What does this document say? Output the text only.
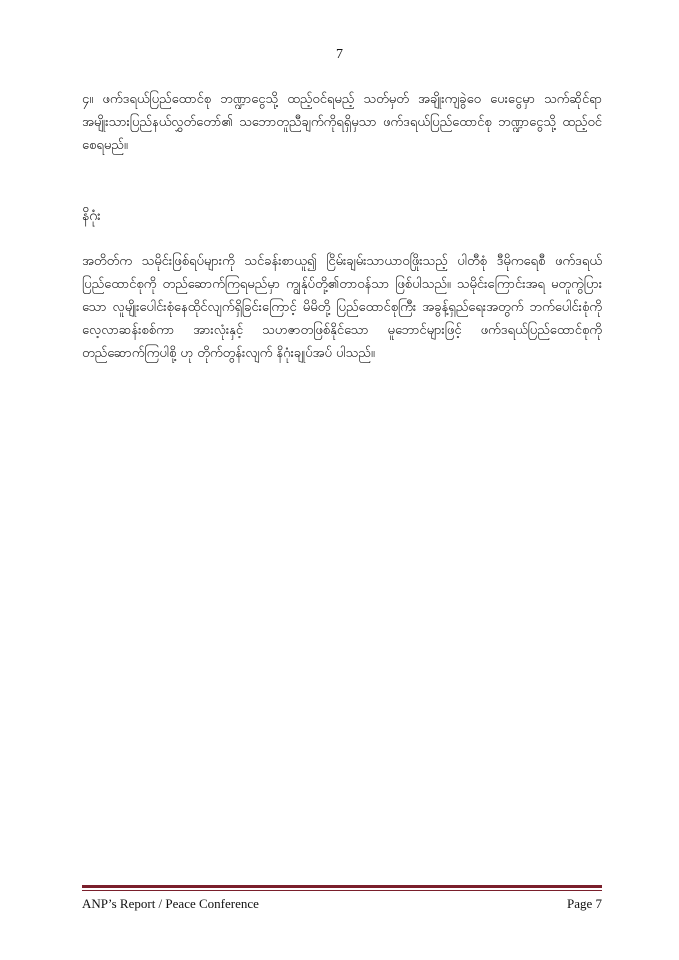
7

၄။ ဖက်ဒရယ်ပြည်ထောင်စု ဘဏ္ဍာငွေသို့ ထည့်ဝင်ရမည့် သတ်မှတ် အချိုးကျခွဲဝေ ပေးငွေမှာ သက်ဆိုင်ရာ အမျိုးသားပြည်နယ်လွှတ်တော်၏ သဘောတူညီချက်ကိုရရှိမှသာ ဖက်ဒရယ်ပြည်ထောင်စု ဘဏ္ဍာငွေသို့ ထည့်ဝင်စေရမည်။

နိဂုံး

အတိတ်က သမိုင်းဖြစ်ရပ်များကို သင်ခန်းစာယူ၍ ငြိမ်းချမ်းသာယာဝဖြိုးသည့် ပါတီစုံ ဒီမိုကရေစီ ဖက်ဒရယ်ပြည်ထောင်စုကို တည်ဆောက်ကြရမည်မှာ ကျွန်ုပ်တို့၏တာဝန်သာ ဖြစ်ပါသည်။ သမိုင်းကြောင်းအရ မတူကွဲပြားသော လူမျိုးပေါင်းစုံနေထိုင်လျက်ရှိခြင်းကြောင့် မိမိတို့ ပြည်ထောင်စုကြီး အခွန့်ရှည်ရေးအတွက် ဘက်ပေါင်းစုံကို လေ့လာဆန်းစစ်ကာ အားလုံးနှင့် သဟဇာတဖြစ်နိုင်သော မူဘောင်များဖြင့် ဖက်ဒရယ်ပြည်ထောင်စုကို တည်ဆောက်ကြပါစို့ ဟု တိုက်တွန်းလျက် နိဂုံးချုပ်အပ် ပါသည်။

ANP’s Report / Peace Conference	Page 7
